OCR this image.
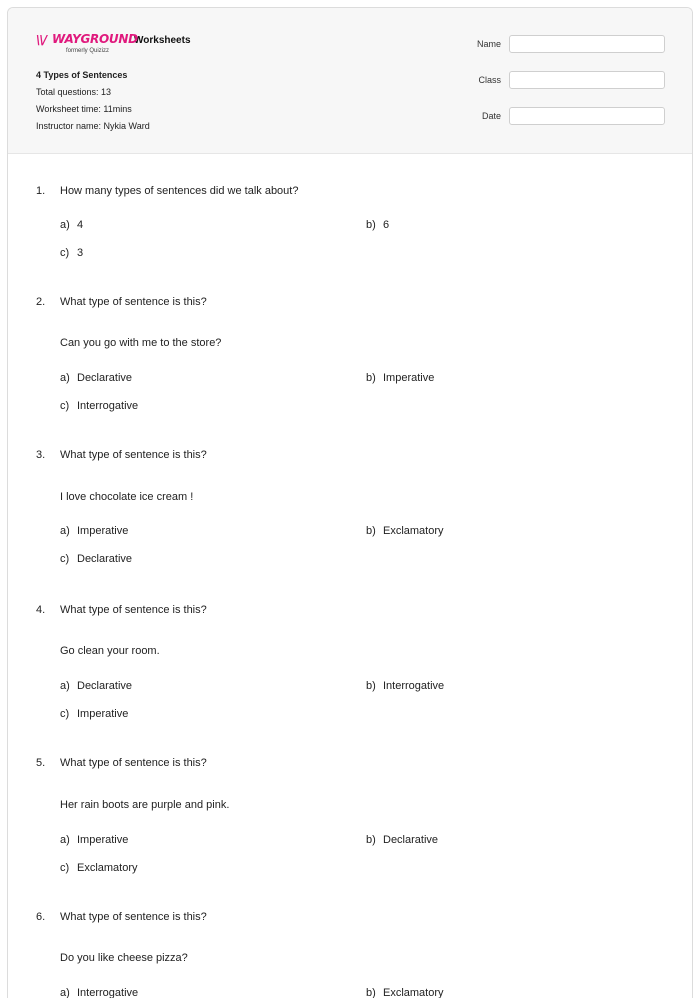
\\/ WAYGROUND
formerly Quizizz
Worksheets
4 Types of Sentences
Total questions: 13
Worksheet time: 11mins
Instructor name: Nykia Ward
Name
Class
Date
1. How many types of sentences did we talk about?
a) 4	b) 6
c) 3
2. What type of sentence is this?
Can you go with me to the store?
a) Declarative	b) Imperative
c) Interrogative
3. What type of sentence is this?
I love chocolate ice cream !
a) Imperative	b) Exclamatory
c) Declarative
4. What type of sentence is this?
Go clean your room.
a) Declarative	b) Interrogative
c) Imperative
5. What type of sentence is this?
Her rain boots are purple and pink.
a) Imperative	b) Declarative
c) Exclamatory
6. What type of sentence is this?
Do you like cheese pizza?
a) Interrogative	b) Exclamatory
